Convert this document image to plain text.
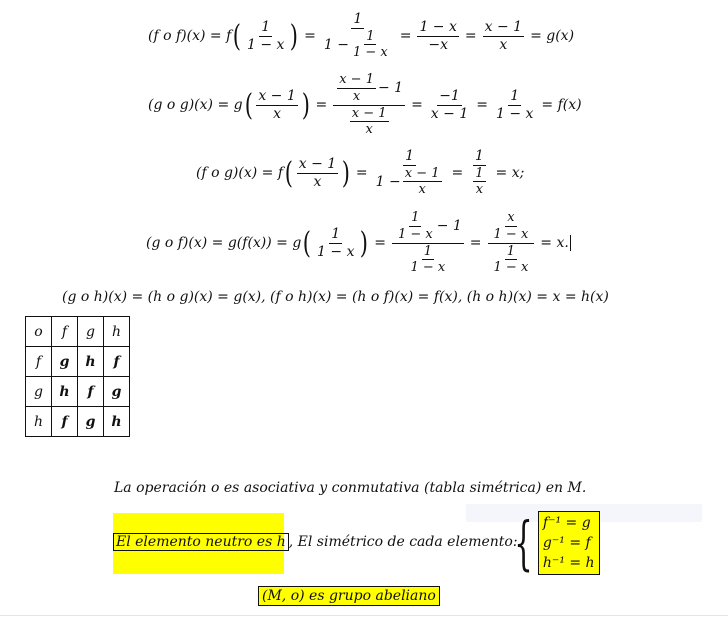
(f o f)(x) = f ( $\frac{1}{1 - x}$ ) = $\frac{1}{1 - \frac{1}{1 - x}} = \frac{1 - x}{-x} = \frac{x - 1}{x} = g(x)$
(g o g)(x) = g ( $\frac{x - 1}{x}$ ) = $\frac{\frac{x - 1}{x} - 1}{\frac{x - 1}{x}} = \frac{-1}{x - 1} = \frac{1}{1 - x} = f(x)$
(f o g)(x) = f ( $\frac{x - 1}{x}$ ) = $\frac{1}{1 - \frac{x - 1}{x}} = \frac{1}{\frac{1}{x}} = x$;
(g o f)(x) = g(f(x)) = g ( $\frac{1}{1 - x}$ ) = $\frac{\frac{1}{1 - x} - 1}{\frac{1}{1 - x}} = \frac{\frac{x}{1 - x}}{\frac{1}{1 - x}} = x$.
(g o h)(x) = (h o g)(x) = g(x), (f o h)(x) = (h o f)(x) = f(x), (h o h)(x) = x = h(x)
o	f	g	h
f	g	h	f
g	h	f	g
h	f	g	h
La operación o es asociativa y conmutativa (tabla simétrica) en M.
El elemento neutro es h , El simétrico de cada elemento:
{ f⁻¹ = g
g⁻¹ = f
h⁻¹ = h
(M, o) es grupo abeliano
